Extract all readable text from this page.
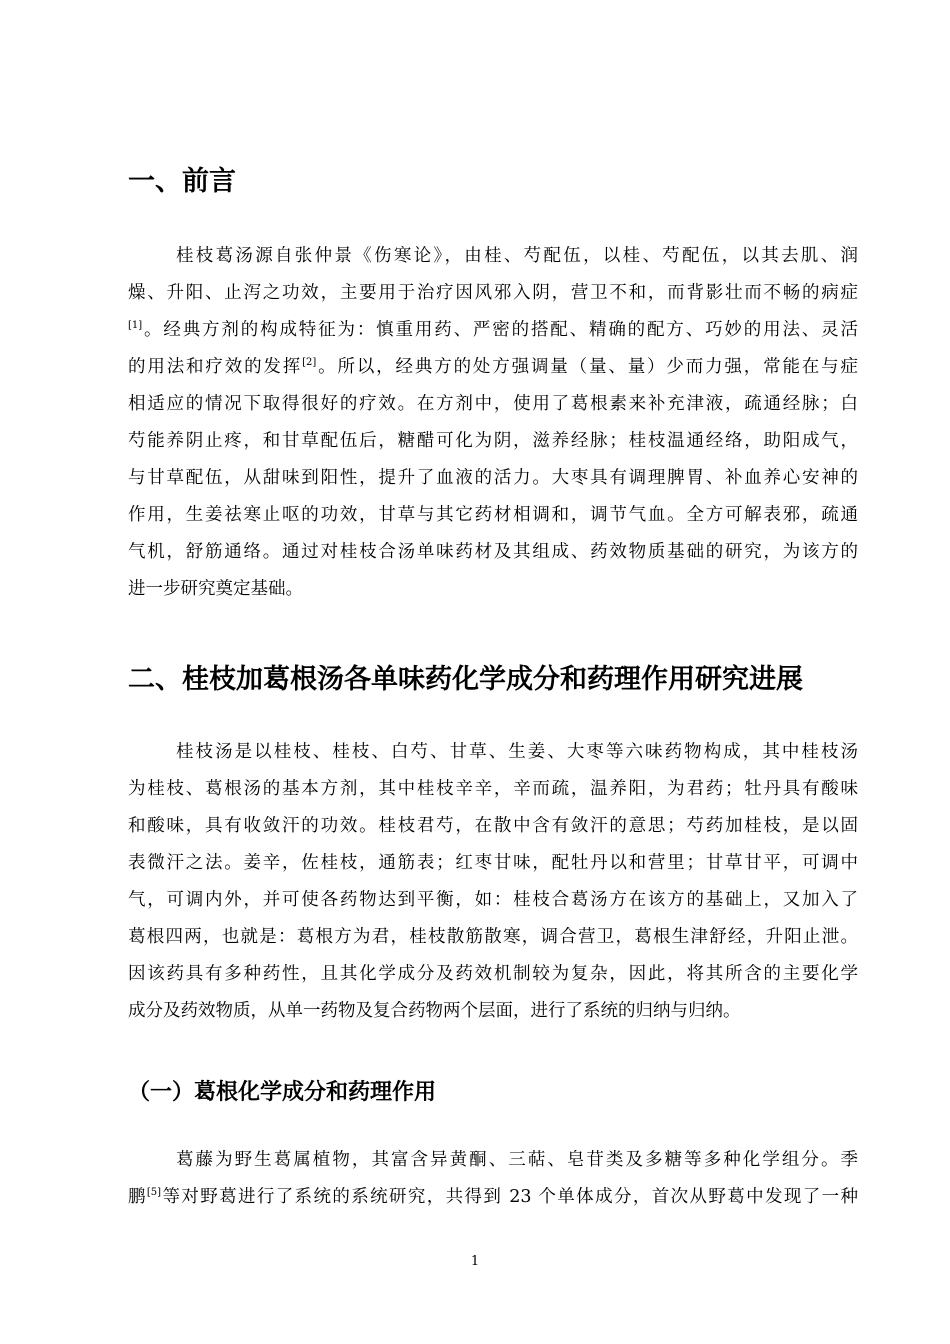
一、前言
桂枝葛汤源自张仲景《伤寒论》，由桂、芍配伍，以桂、芍配伍，以其去肌、润
燥、升阳、止泻之功效，主要用于治疗因风邪入阴，营卫不和，而背影壮而不畅的病症
[1]。经典方剂的构成特征为：慎重用药、严密的搭配、精确的配方、巧妙的用法、灵活
的用法和疗效的发挥[2]。所以，经典方的处方强调量（量、量）少而力强，常能在与症
相适应的情况下取得很好的疗效。在方剂中，使用了葛根素来补充津液，疏通经脉；白
芍能养阴止疼，和甘草配伍后，糖醋可化为阴，滋养经脉；桂枝温通经络，助阳成气，
与甘草配伍，从甜味到阳性，提升了血液的活力。大枣具有调理脾胃、补血养心安神的
作用，生姜祛寒止呕的功效，甘草与其它药材相调和，调节气血。全方可解表邪，疏通
气机，舒筋通络。通过对桂枝合汤单味药材及其组成、药效物质基础的研究，为该方的
进一步研究奠定基础。
二、桂枝加葛根汤各单味药化学成分和药理作用研究进展
桂枝汤是以桂枝、桂枝、白芍、甘草、生姜、大枣等六味药物构成，其中桂枝汤
为桂枝、葛根汤的基本方剂，其中桂枝辛辛，辛而疏，温养阳，为君药；牡丹具有酸味
和酸味，具有收敛汗的功效。桂枝君芍，在散中含有敛汗的意思；芍药加桂枝，是以固
表微汗之法。姜辛，佐桂枝，通筋表；红枣甘味，配牡丹以和营里；甘草甘平，可调中
气，可调内外，并可使各药物达到平衡，如：桂枝合葛汤方在该方的基础上，又加入了
葛根四两，也就是：葛根方为君，桂枝散筋散寒，调合营卫，葛根生津舒经，升阳止泄。
因该药具有多种药性，且其化学成分及药效机制较为复杂，因此，将其所含的主要化学
成分及药效物质，从单一药物及复合药物两个层面，进行了系统的归纳与归纳。
（一）葛根化学成分和药理作用
葛藤为野生葛属植物，其富含异黄酮、三萜、皂苷类及多糖等多种化学组分。季
鹏[5]等对野葛进行了系统的系统研究，共得到 23 个单体成分，首次从野葛中发现了一种
1
